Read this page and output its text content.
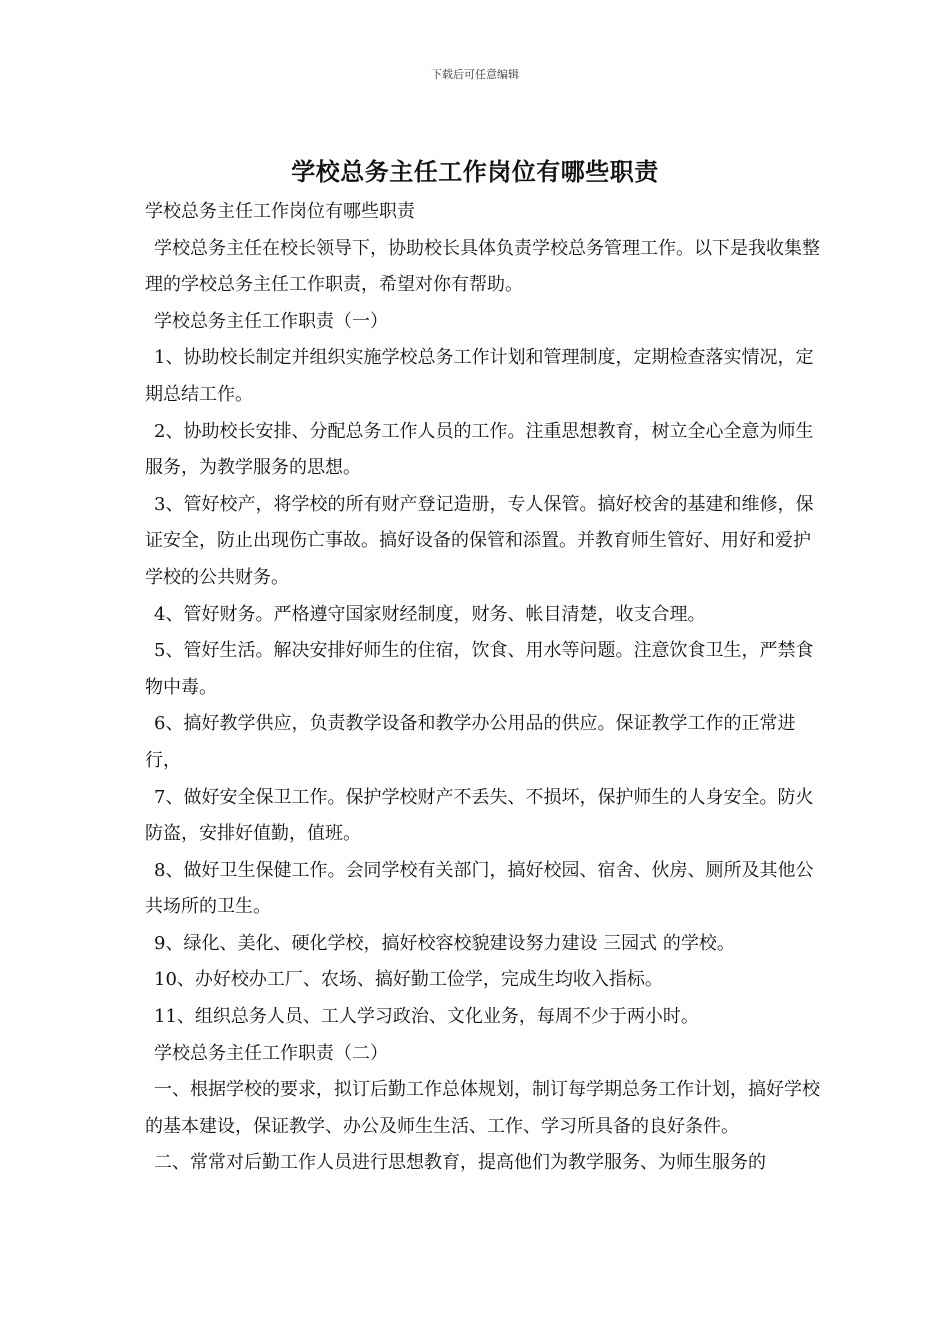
下载后可任意编辑
学校总务主任工作岗位有哪些职责

学校总务主任工作岗位有哪些职责

学校总务主任在校长领导下，协助校长具体负责学校总务管理工作。以下是我收集整理的学校总务主任工作职责，希望对你有帮助。

学校总务主任工作职责（一）

1、协助校长制定并组织实施学校总务工作计划和管理制度，定期检查落实情况，定期总结工作。

2、协助校长安排、分配总务工作人员的工作。注重思想教育，树立全心全意为师生服务，为教学服务的思想。

3、管好校产，将学校的所有财产登记造册，专人保管。搞好校舍的基建和维修，保证安全，防止出现伤亡事故。搞好设备的保管和添置。并教育师生管好、用好和爱护学校的公共财务。

4、管好财务。严格遵守国家财经制度，财务、帐目清楚，收支合理。

5、管好生活。解决安排好师生的住宿，饮食、用水等问题。注意饮食卫生，严禁食物中毒。

6、搞好教学供应，负责教学设备和教学办公用品的供应。保证教学工作的正常进行，

7、做好安全保卫工作。保护学校财产不丢失、不损坏，保护师生的人身安全。防火防盗，安排好值勤，值班。

8、做好卫生保健工作。会同学校有关部门，搞好校园、宿舍、伙房、厕所及其他公共场所的卫生。

9、绿化、美化、硬化学校，搞好校容校貌建设努力建设 三园式 的学校。

10、办好校办工厂、农场、搞好勤工俭学，完成生均收入指标。

11、组织总务人员、工人学习政治、文化业务，每周不少于两小时。

学校总务主任工作职责（二）

一、根据学校的要求，拟订后勤工作总体规划，制订每学期总务工作计划，搞好学校的基本建设，保证教学、办公及师生生活、工作、学习所具备的良好条件。

二、常常对后勤工作人员进行思想教育，提高他们为教学服务、为师生服务的
